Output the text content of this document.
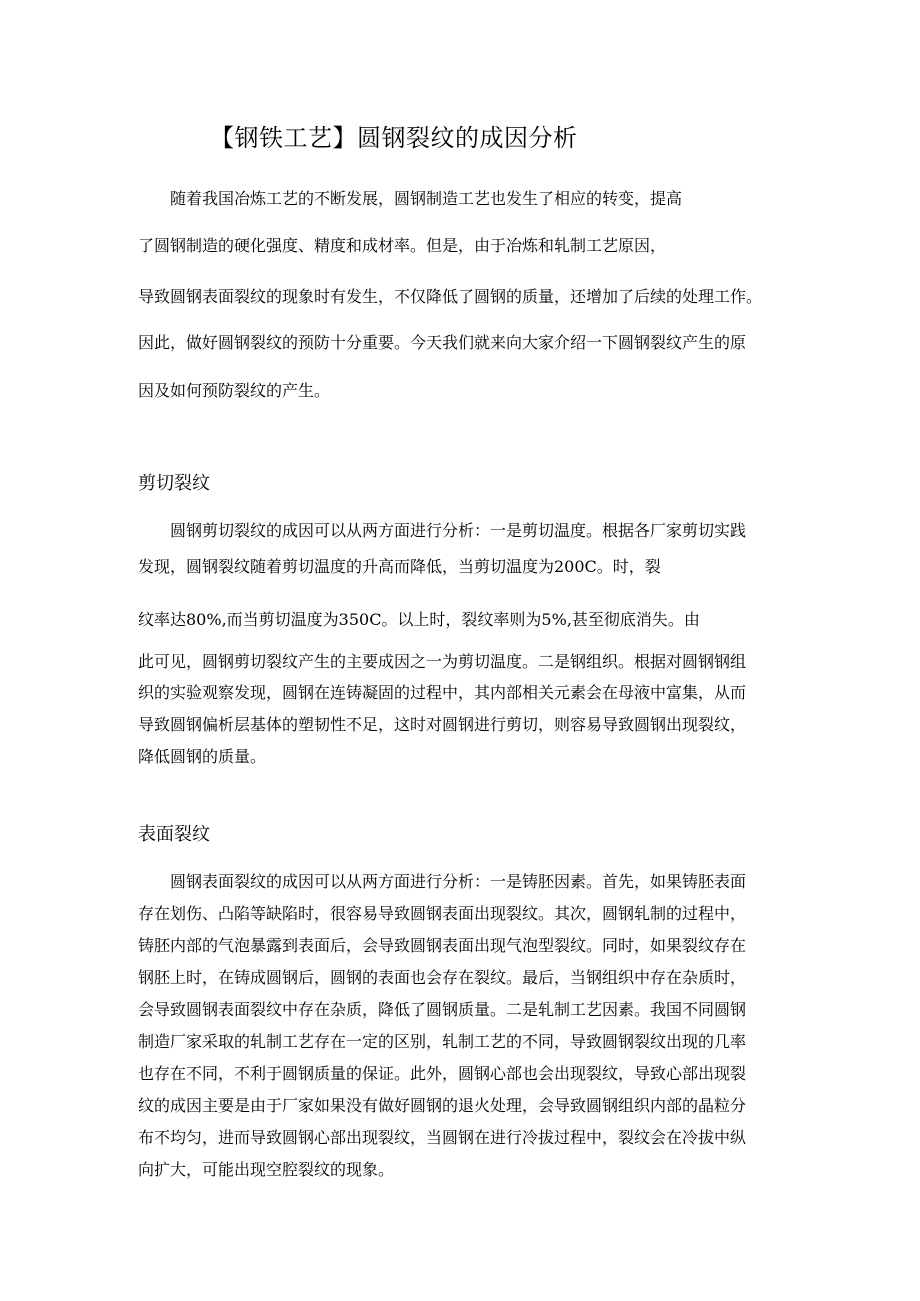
【钢铁工艺】圆钢裂纹的成因分析
随着我国冶炼工艺的不断发展，圆钢制造工艺也发生了相应的转变，提高
了圆钢制造的硬化强度、精度和成材率。但是，由于冶炼和轧制工艺原因，
导致圆钢表面裂纹的现象时有发生，不仅降低了圆钢的质量，还增加了后续的处理工作。
因此，做好圆钢裂纹的预防十分重要。今天我们就来向大家介绍一下圆钢裂纹产生的原
因及如何预防裂纹的产生。
剪切裂纹
圆钢剪切裂纹的成因可以从两方面进行分析：一是剪切温度。根据各厂家剪切实践
发现，圆钢裂纹随着剪切温度的升高而降低，当剪切温度为200C。时，裂
纹率达80%,而当剪切温度为350C。以上时，裂纹率则为5%,甚至彻底消失。由
此可见，圆钢剪切裂纹产生的主要成因之一为剪切温度。二是钢组织。根据对圆钢钢组
织的实验观察发现，圆钢在连铸凝固的过程中，其内部相关元素会在母液中富集，从而
导致圆钢偏析层基体的塑韧性不足，这时对圆钢进行剪切，则容易导致圆钢出现裂纹，
降低圆钢的质量。
表面裂纹
圆钢表面裂纹的成因可以从两方面进行分析：一是铸胚因素。首先，如果铸胚表面
存在划伤、凸陷等缺陷时，很容易导致圆钢表面出现裂纹。其次，圆钢轧制的过程中，
铸胚内部的气泡暴露到表面后，会导致圆钢表面出现气泡型裂纹。同时，如果裂纹存在
钢胚上时，在铸成圆钢后，圆钢的表面也会存在裂纹。最后，当钢组织中存在杂质时，
会导致圆钢表面裂纹中存在杂质，降低了圆钢质量。二是轧制工艺因素。我国不同圆钢
制造厂家采取的轧制工艺存在一定的区别，轧制工艺的不同，导致圆钢裂纹出现的几率
也存在不同，不利于圆钢质量的保证。此外，圆钢心部也会出现裂纹，导致心部出现裂
纹的成因主要是由于厂家如果没有做好圆钢的退火处理，会导致圆钢组织内部的晶粒分
布不均匀，进而导致圆钢心部出现裂纹，当圆钢在进行冷拔过程中，裂纹会在冷拔中纵
向扩大，可能出现空腔裂纹的现象。
